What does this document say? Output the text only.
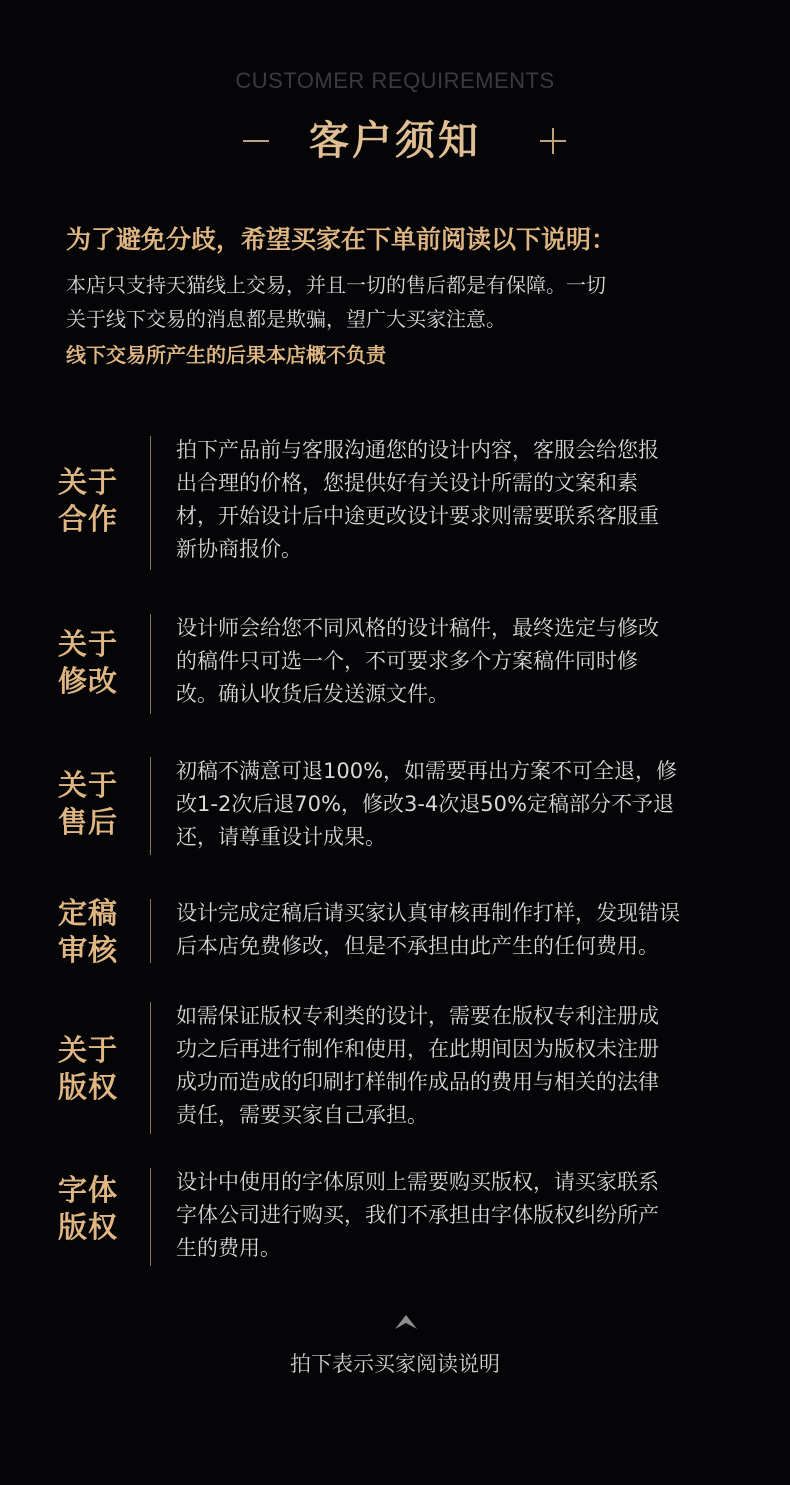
CUSTOMER REQUIREMENTS
客户须知
为了避免分歧，希望买家在下单前阅读以下说明：
本店只支持天猫线上交易，并且一切的售后都是有保障。一切
关于线下交易的消息都是欺骗，望广大买家注意。
线下交易所产生的后果本店概不负责
关于
合作
拍下产品前与客服沟通您的设计内容，客服会给您报
出合理的价格，您提供好有关设计所需的文案和素
材，开始设计后中途更改设计要求则需要联系客服重
新协商报价。
关于
修改
设计师会给您不同风格的设计稿件，最终选定与修改
的稿件只可选一个，不可要求多个方案稿件同时修
改。确认收货后发送源文件。
关于
售后
初稿不满意可退100%，如需要再出方案不可全退，修
改1-2次后退70%，修改3-4次退50%定稿部分不予退
还，请尊重设计成果。
定稿
审核
设计完成定稿后请买家认真审核再制作打样，发现错误
后本店免费修改，但是不承担由此产生的任何费用。
关于
版权
如需保证版权专利类的设计，需要在版权专利注册成
功之后再进行制作和使用，在此期间因为版权未注册
成功而造成的印刷打样制作成品的费用与相关的法律
责任，需要买家自己承担。
字体
版权
设计中使用的字体原则上需要购买版权，请买家联系
字体公司进行购买，我们不承担由字体版权纠纷所产
生的费用。
拍下表示买家阅读说明
